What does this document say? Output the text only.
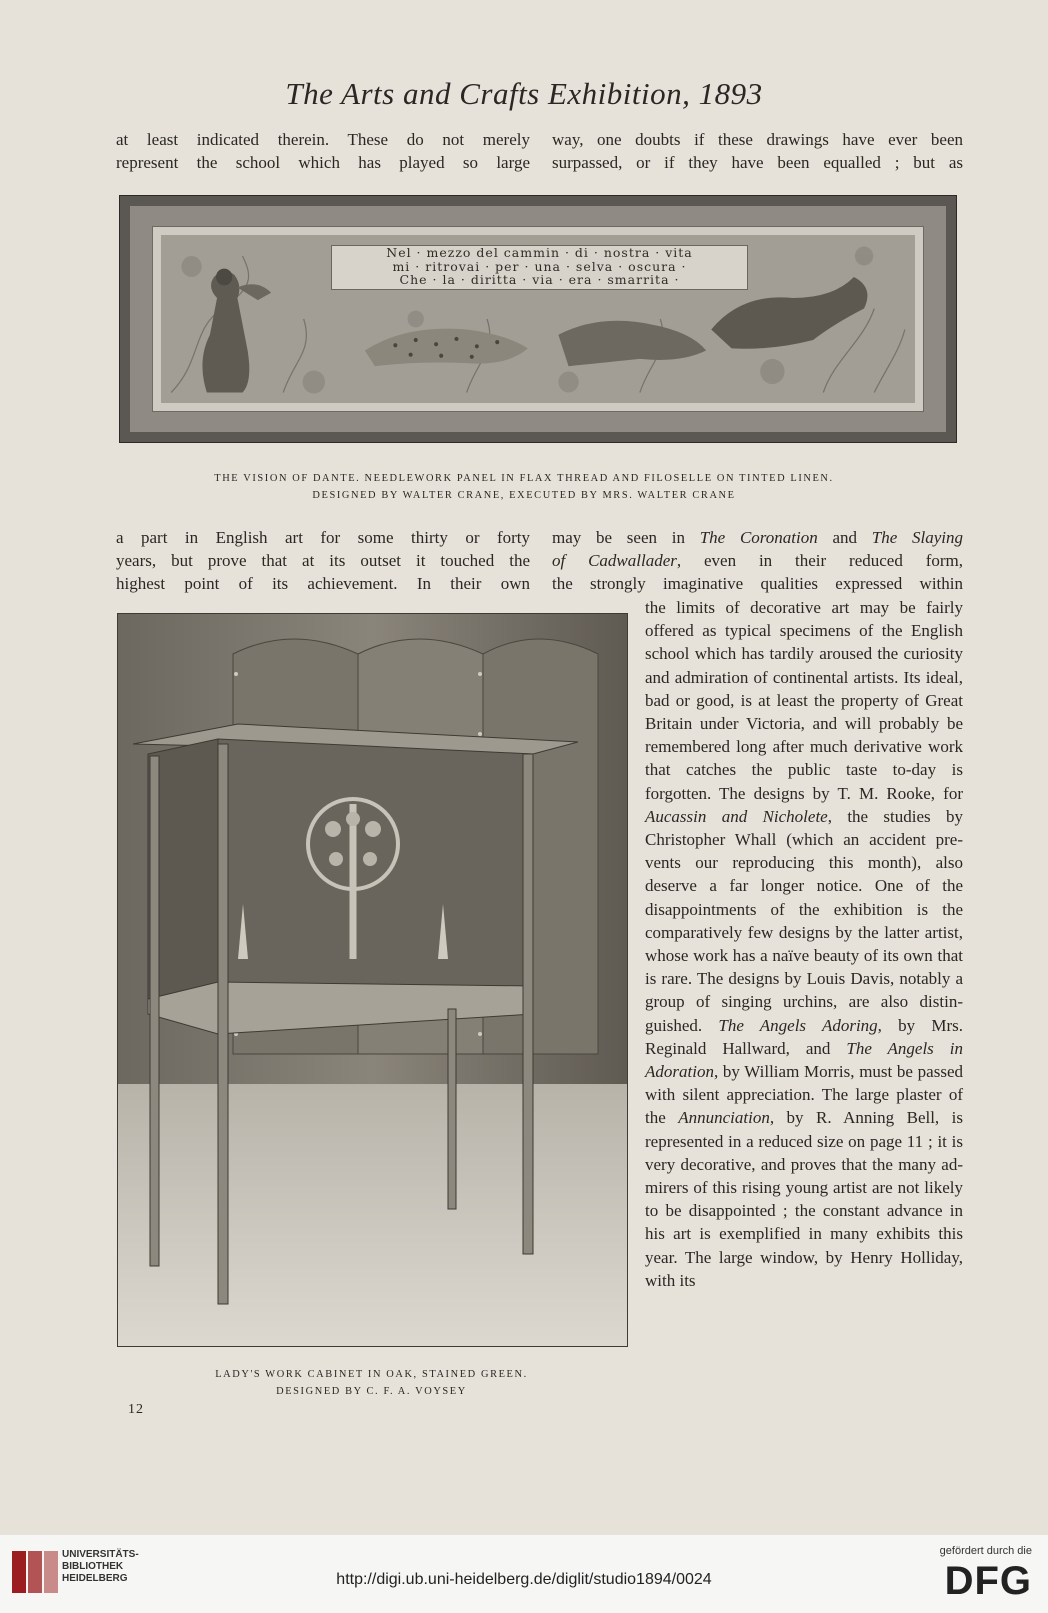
The Arts and Crafts Exhibition, 1893

at least indicated therein. These do not merely

represent the school which has played so large

way, one doubts if these drawings have ever been

surpassed, or if they have been equalled ; but as

Nel · mezzo del cammin · di · nostra · vita
mi · ritrovai · per · una · selva · oscura ·
Che · la · diritta · via · era · smarrita ·
THE VISION OF DANTE. NEEDLEWORK PANEL IN FLAX THREAD AND FILOSELLE ON TINTED LINEN.
DESIGNED BY WALTER CRANE, EXECUTED BY MRS. WALTER CRANE

a part in English art for some thirty or forty

years, but prove that at its outset it touched the

highest point of its achievement. In their own

may be seen in The Coronation and The Slaying

of Cadwallader, even in their reduced form,

the strongly imaginative qualities expressed within

the limits of decorative art may be fairly offered as typical specimens of the English school which has tardily aroused the curiosity and admiration of continental artists. Its ideal, bad or good, is at least the property of Great Britain under Victoria, and will probably be remembered long after much derivative work that catches the public taste to-day is forgotten. The designs by T. M. Rooke, for Aucassin and Nicholete, the studies by Christopher Whall (which an accident prevents our reproducing this month), also deserve a far longer notice. One of the disappointments of the exhibition is the comparatively few designs by the latter artist, whose work has a naïve beauty of its own that is rare. The designs by Louis Davis, notably a group of singing urchins, are also distinguished. The Angels Adoring, by Mrs. Reginald Hallward, and The Angels in Adoration, by William Morris, must be passed with silent appreciation. The large plaster of the Annunciation, by R. Anning Bell, is represented in a reduced size on page 11 ; it is very decorative, and proves that the many admirers of this rising young artist are not likely to be disappointed ; the constant advance in his art is exemplified in many exhibits this year. The large window, by Henry Holliday, with its

LADY'S WORK CABINET IN OAK, STAINED GREEN.
DESIGNED BY C. F. A. VOYSEY
12
UNIVERSITÄTS-
BIBLIOTHEK
HEIDELBERG	http://digi.ub.uni-heidelberg.de/diglit/studio1894/0024
gefördert durch die
DFG
